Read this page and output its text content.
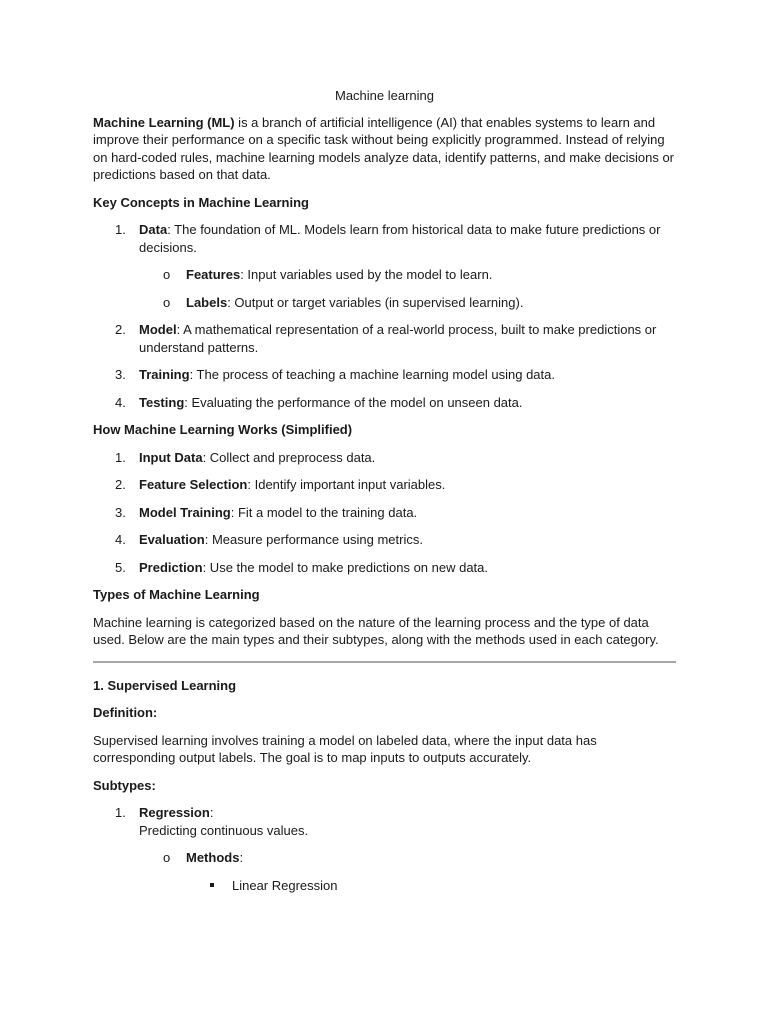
Machine learning

Machine Learning (ML) is a branch of artificial intelligence (AI) that enables systems to learn and improve their performance on a specific task without being explicitly programmed. Instead of relying on hard-coded rules, machine learning models analyze data, identify patterns, and make decisions or predictions based on that data.

Key Concepts in Machine Learning

1. Data: The foundation of ML. Models learn from historical data to make future predictions or decisions.
o Features: Input variables used by the model to learn.
o Labels: Output or target variables (in supervised learning).
2. Model: A mathematical representation of a real-world process, built to make predictions or understand patterns.
3. Training: The process of teaching a machine learning model using data.
4. Testing: Evaluating the performance of the model on unseen data.

How Machine Learning Works (Simplified)

1. Input Data: Collect and preprocess data.
2. Feature Selection: Identify important input variables.
3. Model Training: Fit a model to the training data.
4. Evaluation: Measure performance using metrics.
5. Prediction: Use the model to make predictions on new data.

Types of Machine Learning

Machine learning is categorized based on the nature of the learning process and the type of data used. Below are the main types and their subtypes, along with the methods used in each category.

1. Supervised Learning

Definition:

Supervised learning involves training a model on labeled data, where the input data has corresponding output labels. The goal is to map inputs to outputs accurately.

Subtypes:

1. Regression:
Predicting continuous values.
o Methods:
Linear Regression
